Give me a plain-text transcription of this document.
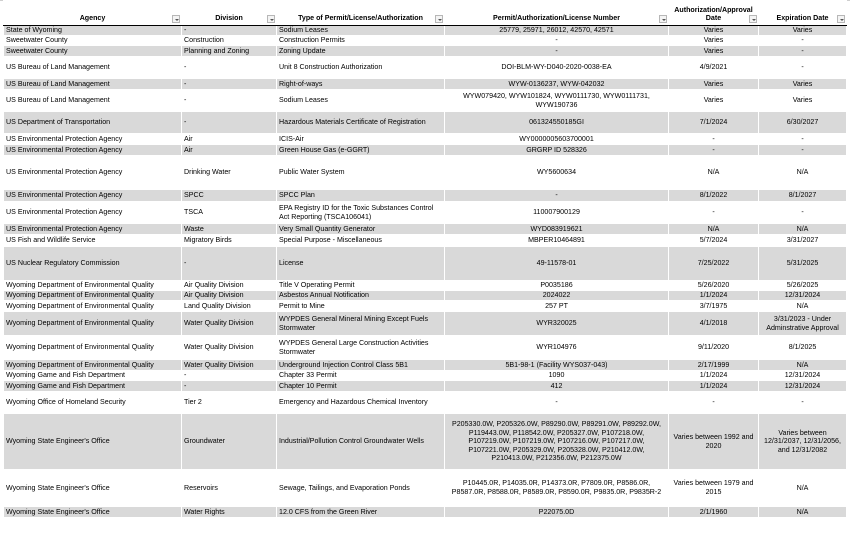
Agency	Division	Type of Permit/License/Authorization	Permit/Authorization/License Number	Authorization/Approval Date	Expiration Date

State of Wyoming	-	Sodium Leases	25779, 25971, 26012, 42570, 42571	Varies	Varies
Sweetwater County	Construction	Construction Permits	-	Varies	-
Sweetwater County	Planning and Zoning	Zoning Update	-	Varies	-
US Bureau of Land Management	-	Unit 8 Construction Authorization	DOI-BLM-WY-D040-2020-0038-EA	4/9/2021	-
US Bureau of Land Management	-	Right-of-ways	WYW-0136237, WYW-042032	Varies	Varies
US Bureau of Land Management	-	Sodium Leases	WYW079420, WYW101824, WYW0111730, WYW0111731, WYW190736	Varies	Varies
US Department of Transportation	-	Hazardous Materials Certificate of Registration	061324550185GI	7/1/2024	6/30/2027
US Environmental Protection Agency	Air	ICIS-Air	WY0000005603700001	-	-
US Environmental Protection Agency	Air	Green House Gas (e-GGRT)	GRGRP ID 528326	-	-
US Environmental Protection Agency	Drinking Water	Public Water System	WY5600634	N/A	N/A
US Environmental Protection Agency	SPCC	SPCC Plan	-	8/1/2022	8/1/2027
US Environmental Protection Agency	TSCA	EPA Registry ID for the Toxic Substances Control Act Reporting (TSCA106041)	110007900129	-	-
US Environmental Protection Agency	Waste	Very Small Quantity Generator	WYD083919621	N/A	N/A
US Fish and Wildlife Service	Migratory Birds	Special Purpose - Miscellaneous	MBPER10464891	5/7/2024	3/31/2027
US Nuclear Regulatory Commission	-	License	49-11578-01	7/25/2022	5/31/2025
Wyoming Department of Environmental Quality	Air Quality Division	Title V Operating Permit	P0035186	5/26/2020	5/26/2025
Wyoming Department of Environmental Quality	Air Quality Division	Asbestos Annual Notification	2024022	1/1/2024	12/31/2024
Wyoming Department of Environmental Quality	Land Quality Division	Permit to Mine	257 PT	3/7/1975	N/A
Wyoming Department of Environmental Quality	Water Quality Division	WYPDES General Mineral Mining Except Fuels Stormwater	WYR320025	4/1/2018	3/31/2023 - Under Adminstrative Approval
Wyoming Department of Environmental Quality	Water Quality Division	WYPDES General Large Construction Activities Stormwater	WYR104976	9/11/2020	8/1/2025
Wyoming Department of Environmental Quality	Water Quality Division	Underground Injection Control Class 5B1	5B1-98-1 (Facility WYS037-043)	2/17/1999	N/A
Wyoming Game and Fish Department	-	Chapter 33 Permit	1090	1/1/2024	12/31/2024
Wyoming Game and Fish Department	-	Chapter 10 Permit	412	1/1/2024	12/31/2024
Wyoming Office of Homeland Security	Tier 2	Emergency and Hazardous Chemical Inventory	-	-	-
Wyoming State Engineer's Office	Groundwater	Industrial/Pollution Control Groundwater Wells	P205330.0W, P205326.0W, P89290.0W, P89291.0W, P89292.0W, P119443.0W, P118542.0W, P205327.0W, P107218.0W, P107219.0W, P107219.0W, P107216.0W, P107217.0W, P107221.0W, P205329.0W, P205328.0W, P210412.0W, P210413.0W, P212356.0W, P212375.0W	Varies between 1992 and 2020	Varies between 12/31/2037, 12/31/2056, and 12/31/2082
Wyoming State Engineer's Office	Reservoirs	Sewage, Tailings, and Evaporation Ponds	P10445.0R, P14035.0R, P14373.0R, P7809.0R, P8586.0R, P8587.0R, P8588.0R, P8589.0R, P8590.0R, P9835.0R, P9835R-2	Varies between 1979 and 2015	N/A
Wyoming State Engineer's Office	Water Rights	12.0 CFS from the Green River	P22075.0D	2/1/1960	N/A
